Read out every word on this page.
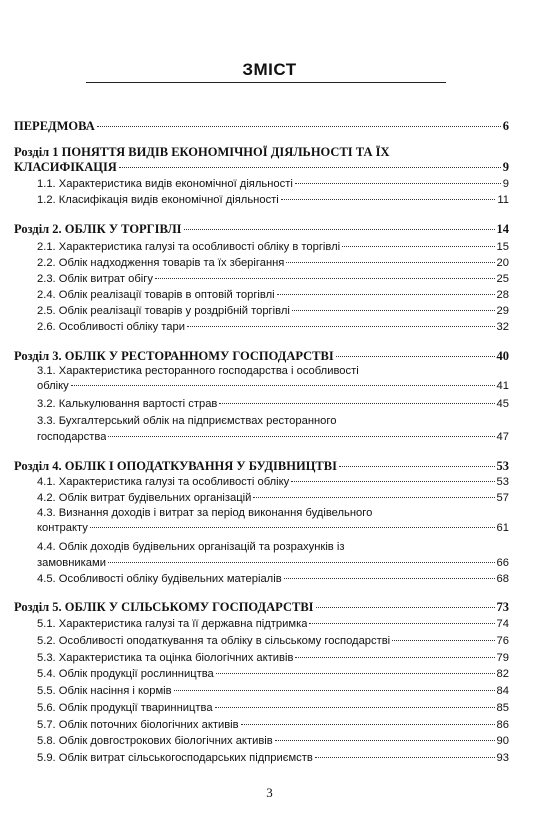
ЗМІСТ
ПЕРЕДМОВА	6
Розділ 1 ПОНЯТТЯ ВИДІВ ЕКОНОМІЧНОЇ ДІЯЛЬНОСТІ ТА ЇХ
КЛАСИФІКАЦІЯ	9
1.1. Характеристика видів економічної діяльності	9
1.2. Класифікація видів економічної діяльності	11
Розділ 2. ОБЛІК У ТОРГІВЛІ	14
2.1. Характеристика галузі та особливості обліку в торгівлі	15
2.2. Облік надходження товарів та їх зберігання	20
2.3. Облік витрат обігу	25
2.4. Облік реалізації товарів в оптовій торгівлі	28
2.5. Облік реалізації товарів у роздрібній торгівлі	29
2.6. Особливості обліку тари	32
Розділ 3. ОБЛІК У РЕСТОРАННОМУ ГОСПОДАРСТВІ	40
3.1. Характеристика ресторанного господарства і особливості
обліку	41
3.2. Калькулювання вартості страв	45
3.3. Бухгалтерський облік на підприємствах ресторанного
господарства	47
Розділ 4. ОБЛІК І ОПОДАТКУВАННЯ У БУДІВНИЦТВІ	53
4.1. Характеристика галузі та особливості обліку	53
4.2. Облік витрат будівельних організацій	57
4.3. Визнання доходів і витрат за період виконання будівельного
контракту	61
4.4. Облік доходів будівельних організацій та розрахунків із
замовниками	66
4.5. Особливості обліку будівельних матеріалів	68
Розділ 5. ОБЛІК У СІЛЬСЬКОМУ ГОСПОДАРСТВІ	73
5.1. Характеристика галузі та її державна підтримка	74
5.2. Особливості оподаткування та обліку в сільському господарстві	76
5.3. Характеристика та оцінка біологічних активів	79
5.4. Облік продукції рослинництва	82
5.5. Облік насіння і кормів	84
5.6. Облік продукції тваринництва	85
5.7. Облік поточних біологічних активів	86
5.8. Облік довгострокових біологічних активів	90
5.9. Облік витрат сільськогосподарських підприємств	93
3
